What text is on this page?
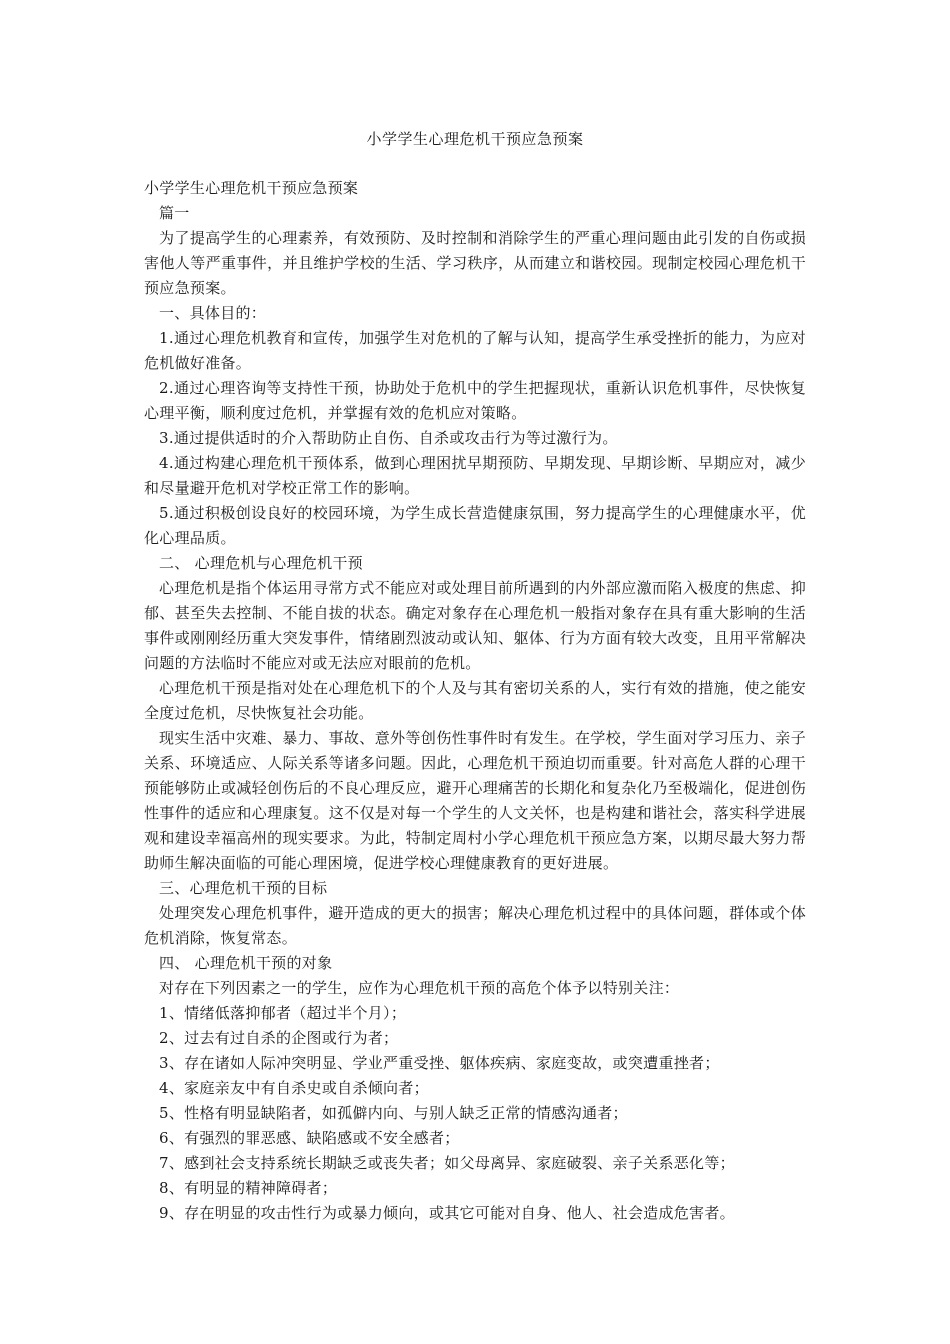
小学学生心理危机干预应急预案

小学学生心理危机干预应急预案

篇一

为了提高学生的心理素养，有效预防、及时控制和消除学生的严重心理问题由此引发的自伤或损害他人等严重事件，并且维护学校的生活、学习秩序，从而建立和谐校园。现制定校园心理危机干预应急预案。

一、具体目的：

1.通过心理危机教育和宣传，加强学生对危机的了解与认知，提高学生承受挫折的能力，为应对危机做好准备。

2.通过心理咨询等支持性干预，协助处于危机中的学生把握现状，重新认识危机事件，尽快恢复心理平衡，顺利度过危机，并掌握有效的危机应对策略。

3.通过提供适时的介入帮助防止自伤、自杀或攻击行为等过激行为。

4.通过构建心理危机干预体系，做到心理困扰早期预防、早期发现、早期诊断、早期应对，减少和尽量避开危机对学校正常工作的影响。

5.通过积极创设良好的校园环境，为学生成长营造健康氛围，努力提高学生的心理健康水平，优化心理品质。

二、 心理危机与心理危机干预

心理危机是指个体运用寻常方式不能应对或处理目前所遇到的内外部应激而陷入极度的焦虑、抑郁、甚至失去控制、不能自拔的状态。确定对象存在心理危机一般指对象存在具有重大影响的生活事件或刚刚经历重大突发事件，情绪剧烈波动或认知、躯体、行为方面有较大改变，且用平常解决问题的方法临时不能应对或无法应对眼前的危机。

心理危机干预是指对处在心理危机下的个人及与其有密切关系的人，实行有效的措施，使之能安全度过危机，尽快恢复社会功能。

现实生活中灾难、暴力、事故、意外等创伤性事件时有发生。在学校，学生面对学习压力、亲子关系、环境适应、人际关系等诸多问题。因此，心理危机干预迫切而重要。针对高危人群的心理干预能够防止或减轻创伤后的不良心理反应，避开心理痛苦的长期化和复杂化乃至极端化，促进创伤性事件的适应和心理康复。这不仅是对每一个学生的人文关怀，也是构建和谐社会，落实科学进展观和建设幸福高州的现实要求。为此，特制定周村小学心理危机干预应急方案，以期尽最大努力帮助师生解决面临的可能心理困境，促进学校心理健康教育的更好进展。

三、心理危机干预的目标

处理突发心理危机事件，避开造成的更大的损害；解决心理危机过程中的具体问题，群体或个体危机消除，恢复常态。

四、 心理危机干预的对象

对存在下列因素之一的学生，应作为心理危机干预的高危个体予以特别关注：

1、情绪低落抑郁者（超过半个月）；

2、过去有过自杀的企图或行为者；

3、存在诸如人际冲突明显、学业严重受挫、躯体疾病、家庭变故，或突遭重挫者；

4、家庭亲友中有自杀史或自杀倾向者；

5、性格有明显缺陷者，如孤僻内向、与别人缺乏正常的情感沟通者；

6、有强烈的罪恶感、缺陷感或不安全感者；

7、感到社会支持系统长期缺乏或丧失者；如父母离异、家庭破裂、亲子关系恶化等；

8、有明显的精神障碍者；

9、存在明显的攻击性行为或暴力倾向，或其它可能对自身、他人、社会造成危害者。
